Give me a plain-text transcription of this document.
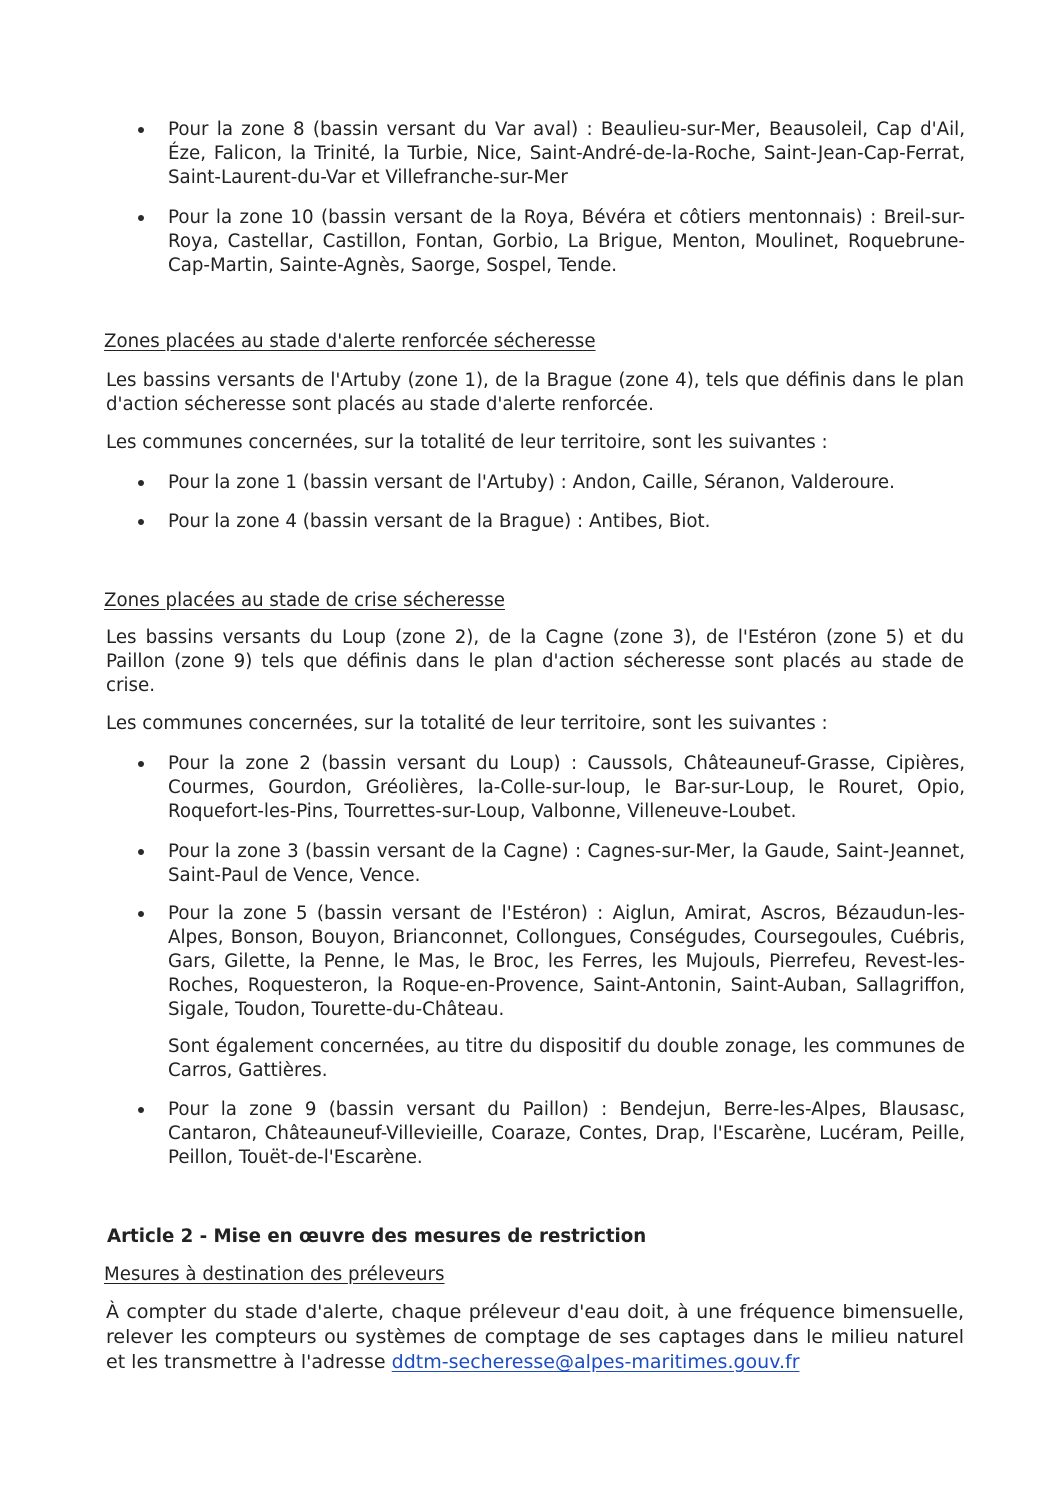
Pour la zone 8 (bassin versant du Var aval) : Beaulieu-sur-Mer, Beausoleil, Cap d'Ail, Éze, Falicon, la Trinité, la Turbie, Nice, Saint-André-de-la-Roche, Saint-Jean-Cap-Ferrat, Saint-Laurent-du-Var et Villefranche-sur-Mer
Pour la zone 10 (bassin versant de la Roya, Bévéra et côtiers mentonnais) : Breil-sur-Roya, Castellar, Castillon, Fontan, Gorbio, La Brigue, Menton, Moulinet, Roquebrune-Cap-Martin, Sainte-Agnès, Saorge, Sospel, Tende.
Zones placées au stade d'alerte renforcée sécheresse
Les bassins versants de l'Artuby (zone 1), de la Brague (zone 4), tels que définis dans le plan d'action sécheresse sont placés au stade d'alerte renforcée.
Les communes concernées, sur la totalité de leur territoire, sont les suivantes :
Pour la zone 1 (bassin versant de l'Artuby) : Andon, Caille, Séranon, Valderoure.
Pour la zone 4 (bassin versant de la Brague) : Antibes, Biot.
Zones placées au stade de crise sécheresse
Les bassins versants du Loup (zone 2), de la Cagne (zone 3), de l'Estéron (zone 5) et du Paillon (zone 9) tels que définis dans le plan d'action sécheresse sont placés au stade de crise.
Les communes concernées, sur la totalité de leur territoire, sont les suivantes :
Pour la zone 2 (bassin versant du Loup) : Caussols, Châteauneuf-Grasse, Cipières, Courmes, Gourdon, Gréolières, la-Colle-sur-loup, le Bar-sur-Loup, le Rouret, Opio, Roquefort-les-Pins, Tourrettes-sur-Loup, Valbonne, Villeneuve-Loubet.
Pour la zone 3 (bassin versant de la Cagne) : Cagnes-sur-Mer, la Gaude, Saint-Jeannet, Saint-Paul de Vence, Vence.
Pour la zone 5 (bassin versant de l'Estéron) : Aiglun, Amirat, Ascros, Bézaudun-les-Alpes, Bonson, Bouyon, Brianconnet, Collongues, Conségudes, Coursegoules, Cuébris, Gars, Gilette, la Penne, le Mas, le Broc, les Ferres, les Mujouls, Pierrefeu, Revest-les-Roches, Roquesteron, la Roque-en-Provence, Saint-Antonin, Saint-Auban, Sallagriffon, Sigale, Toudon, Tourette-du-Château.
Sont également concernées, au titre du dispositif du double zonage, les communes de Carros, Gattières.
Pour la zone 9 (bassin versant du Paillon) : Bendejun, Berre-les-Alpes, Blausasc, Cantaron, Châteauneuf-Villevieille, Coaraze, Contes, Drap, l'Escarène, Lucéram, Peille, Peillon, Touët-de-l'Escarène.
Article 2 - Mise en œuvre des mesures de restriction
Mesures à destination des préleveurs
À compter du stade d'alerte, chaque préleveur d'eau doit, à une fréquence bimensuelle, relever les compteurs ou systèmes de comptage de ses captages dans le milieu naturel et les transmettre à l'adresse ddtm-secheresse@alpes-maritimes.gouv.fr
